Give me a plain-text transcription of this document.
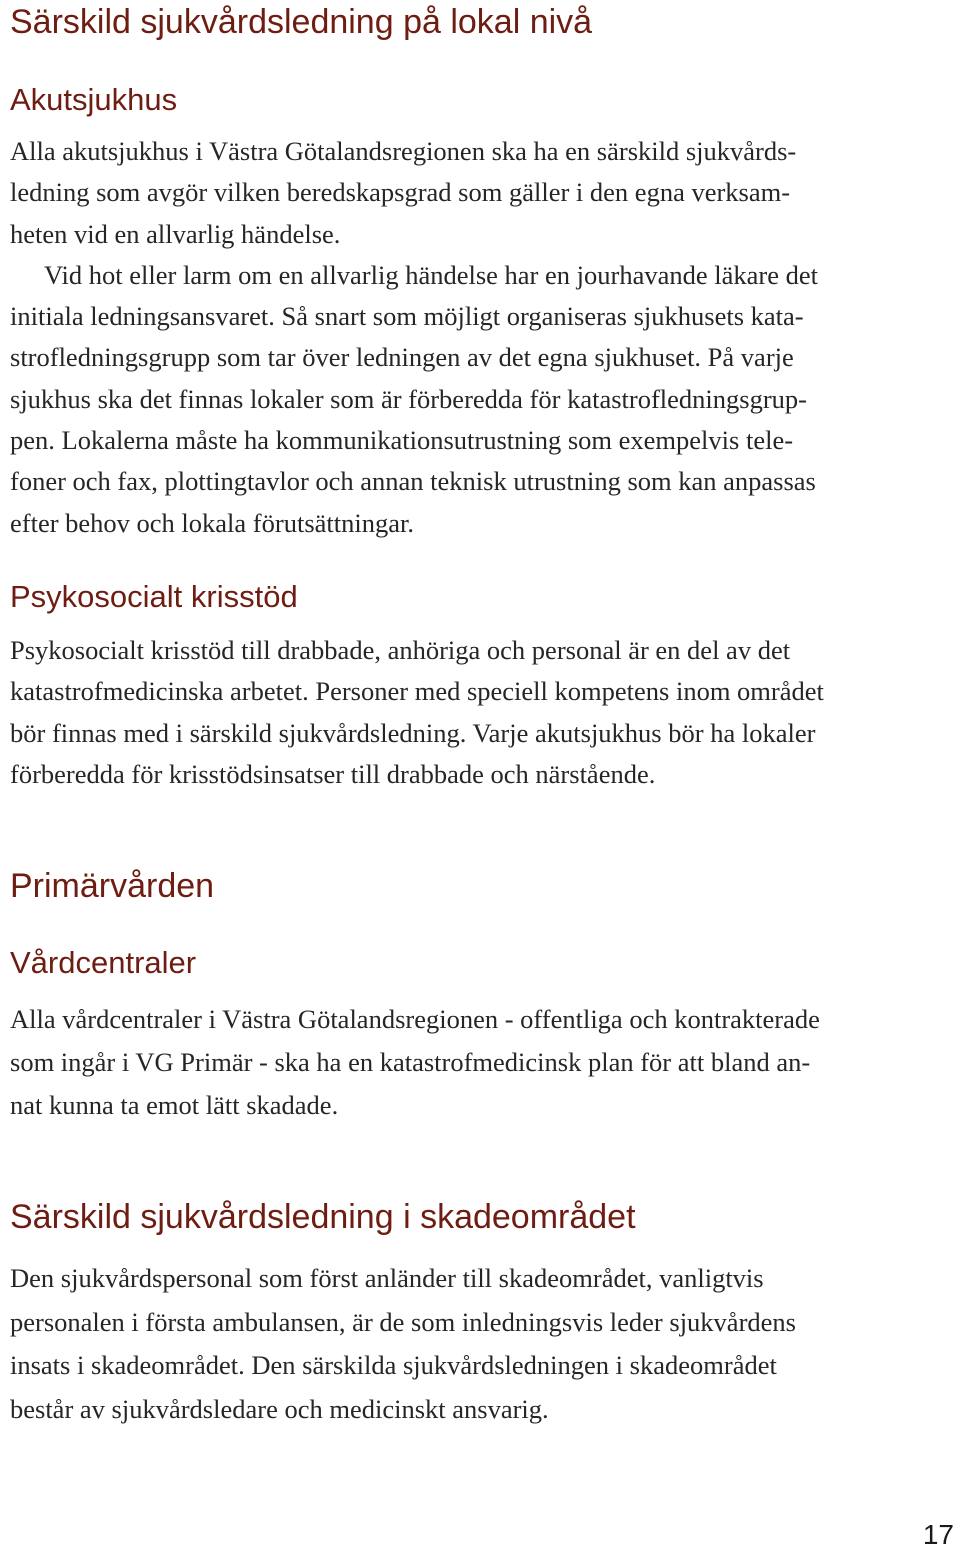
Särskild sjukvårdsledning på lokal nivå
Akutsjukhus
Alla akutsjukhus i Västra Götalandsregionen ska ha en särskild sjukvårds-
ledning som avgör vilken beredskapsgrad som gäller i den egna verksam-
heten vid en allvarlig händelse.
Vid hot eller larm om en allvarlig händelse har en jourhavande läkare det
initiala ledningsansvaret. Så snart som möjligt organiseras sjukhusets kata-
strofledningsgrupp som tar över ledningen av det egna sjukhuset. På varje
sjukhus ska det finnas lokaler som är förberedda för katastrofledningsgrup-
pen. Lokalerna måste ha kommunikationsutrustning som exempelvis tele-
foner och fax, plottingtavlor och annan teknisk utrustning som kan anpassas
efter behov och lokala förutsättningar.
Psykosocialt krisstöd
Psykosocialt krisstöd till drabbade, anhöriga och personal är en del av det
katastrofmedicinska arbetet. Personer med speciell kompetens inom området
bör finnas med i särskild sjukvårdsledning. Varje akutsjukhus bör ha lokaler
förberedda för krisstödsinsatser till drabbade och närstående.
Primärvården
Vårdcentraler
Alla vårdcentraler i Västra Götalandsregionen - offentliga och kontrakterade
som ingår i VG Primär - ska ha en katastrofmedicinsk plan för att bland an-
nat kunna ta emot lätt skadade.
Särskild sjukvårdsledning i skadeområdet
Den sjukvårdspersonal som först anländer till skadeområdet, vanligtvis
personalen i första ambulansen, är de som inledningsvis leder sjukvårdens
insats i skadeområdet. Den särskilda sjukvårdsledningen i skadeområdet
består av sjukvårdsledare och medicinskt ansvarig.
17
